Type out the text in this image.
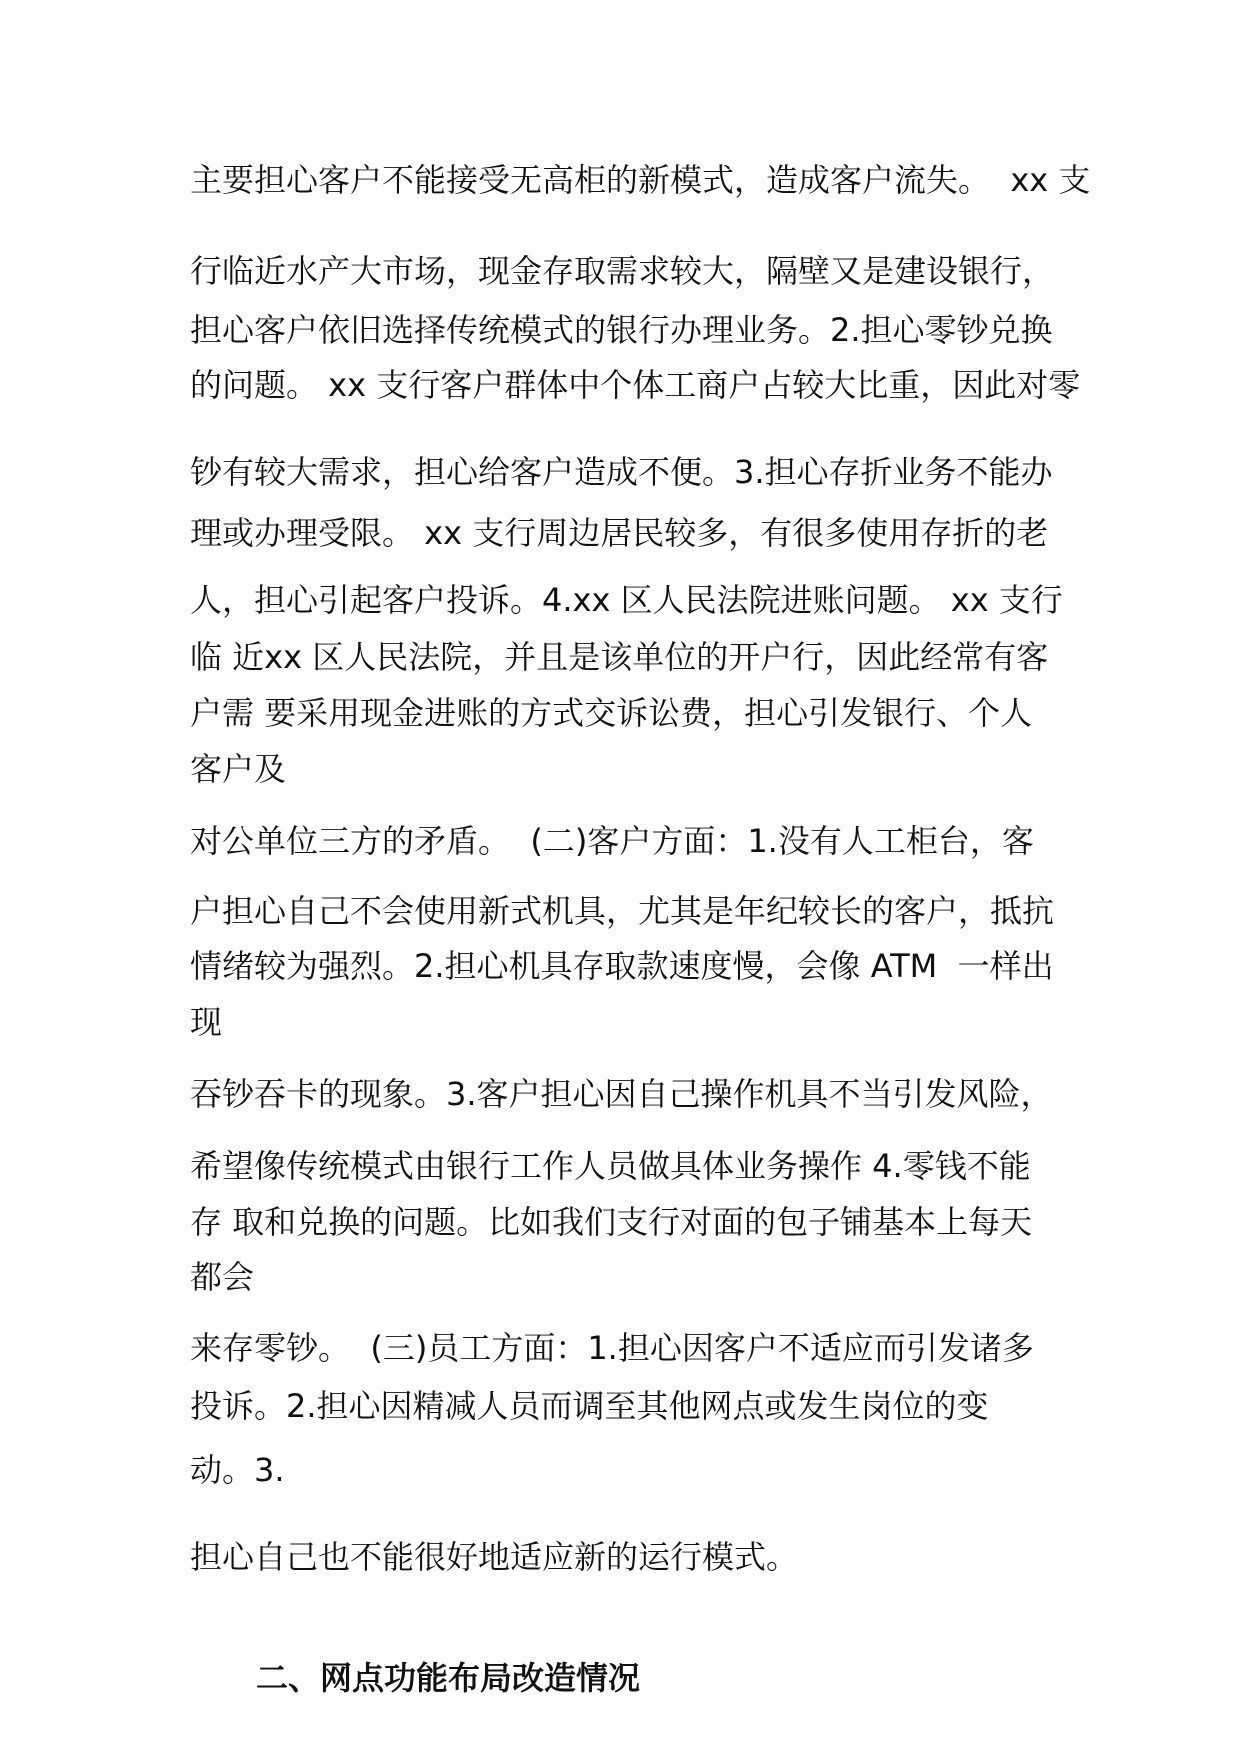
主要担心客户不能接受无高柜的新模式，造成客户流失。  xx 支
行临近水产大市场，现金存取需求较大，隔壁又是建设银行，
担心客户依旧选择传统模式的银行办理业务。2.担心零钞兑换
的问题。 xx 支行客户群体中个体工商户占较大比重，因此对零
钞有较大需求，担心给客户造成不便。3.担心存折业务不能办
理或办理受限。 xx 支行周边居民较多，有很多使用存折的老
人，担心引起客户投诉。4.xx 区人民法院进账问题。 xx 支行
临 近xx 区人民法院，并且是该单位的开户行，因此经常有客
户需 要采用现金进账的方式交诉讼费，担心引发银行、个人
客户及
对公单位三方的矛盾。  (二)客户方面：1.没有人工柜台，客
户担心自己不会使用新式机具，尤其是年纪较长的客户，抵抗
情绪较为强烈。2.担心机具存取款速度慢，会像 ATM  一样出
现
吞钞吞卡的现象。3.客户担心因自己操作机具不当引发风险，
希望像传统模式由银行工作人员做具体业务操作 4.零钱不能
存 取和兑换的问题。比如我们支行对面的包子铺基本上每天
都会
来存零钞。  (三)员工方面：1.担心因客户不适应而引发诸多
投诉。2.担心因精减人员而调至其他网点或发生岗位的变
动。3.
担心自己也不能很好地适应新的运行模式。
二、网点功能布局改造情况
